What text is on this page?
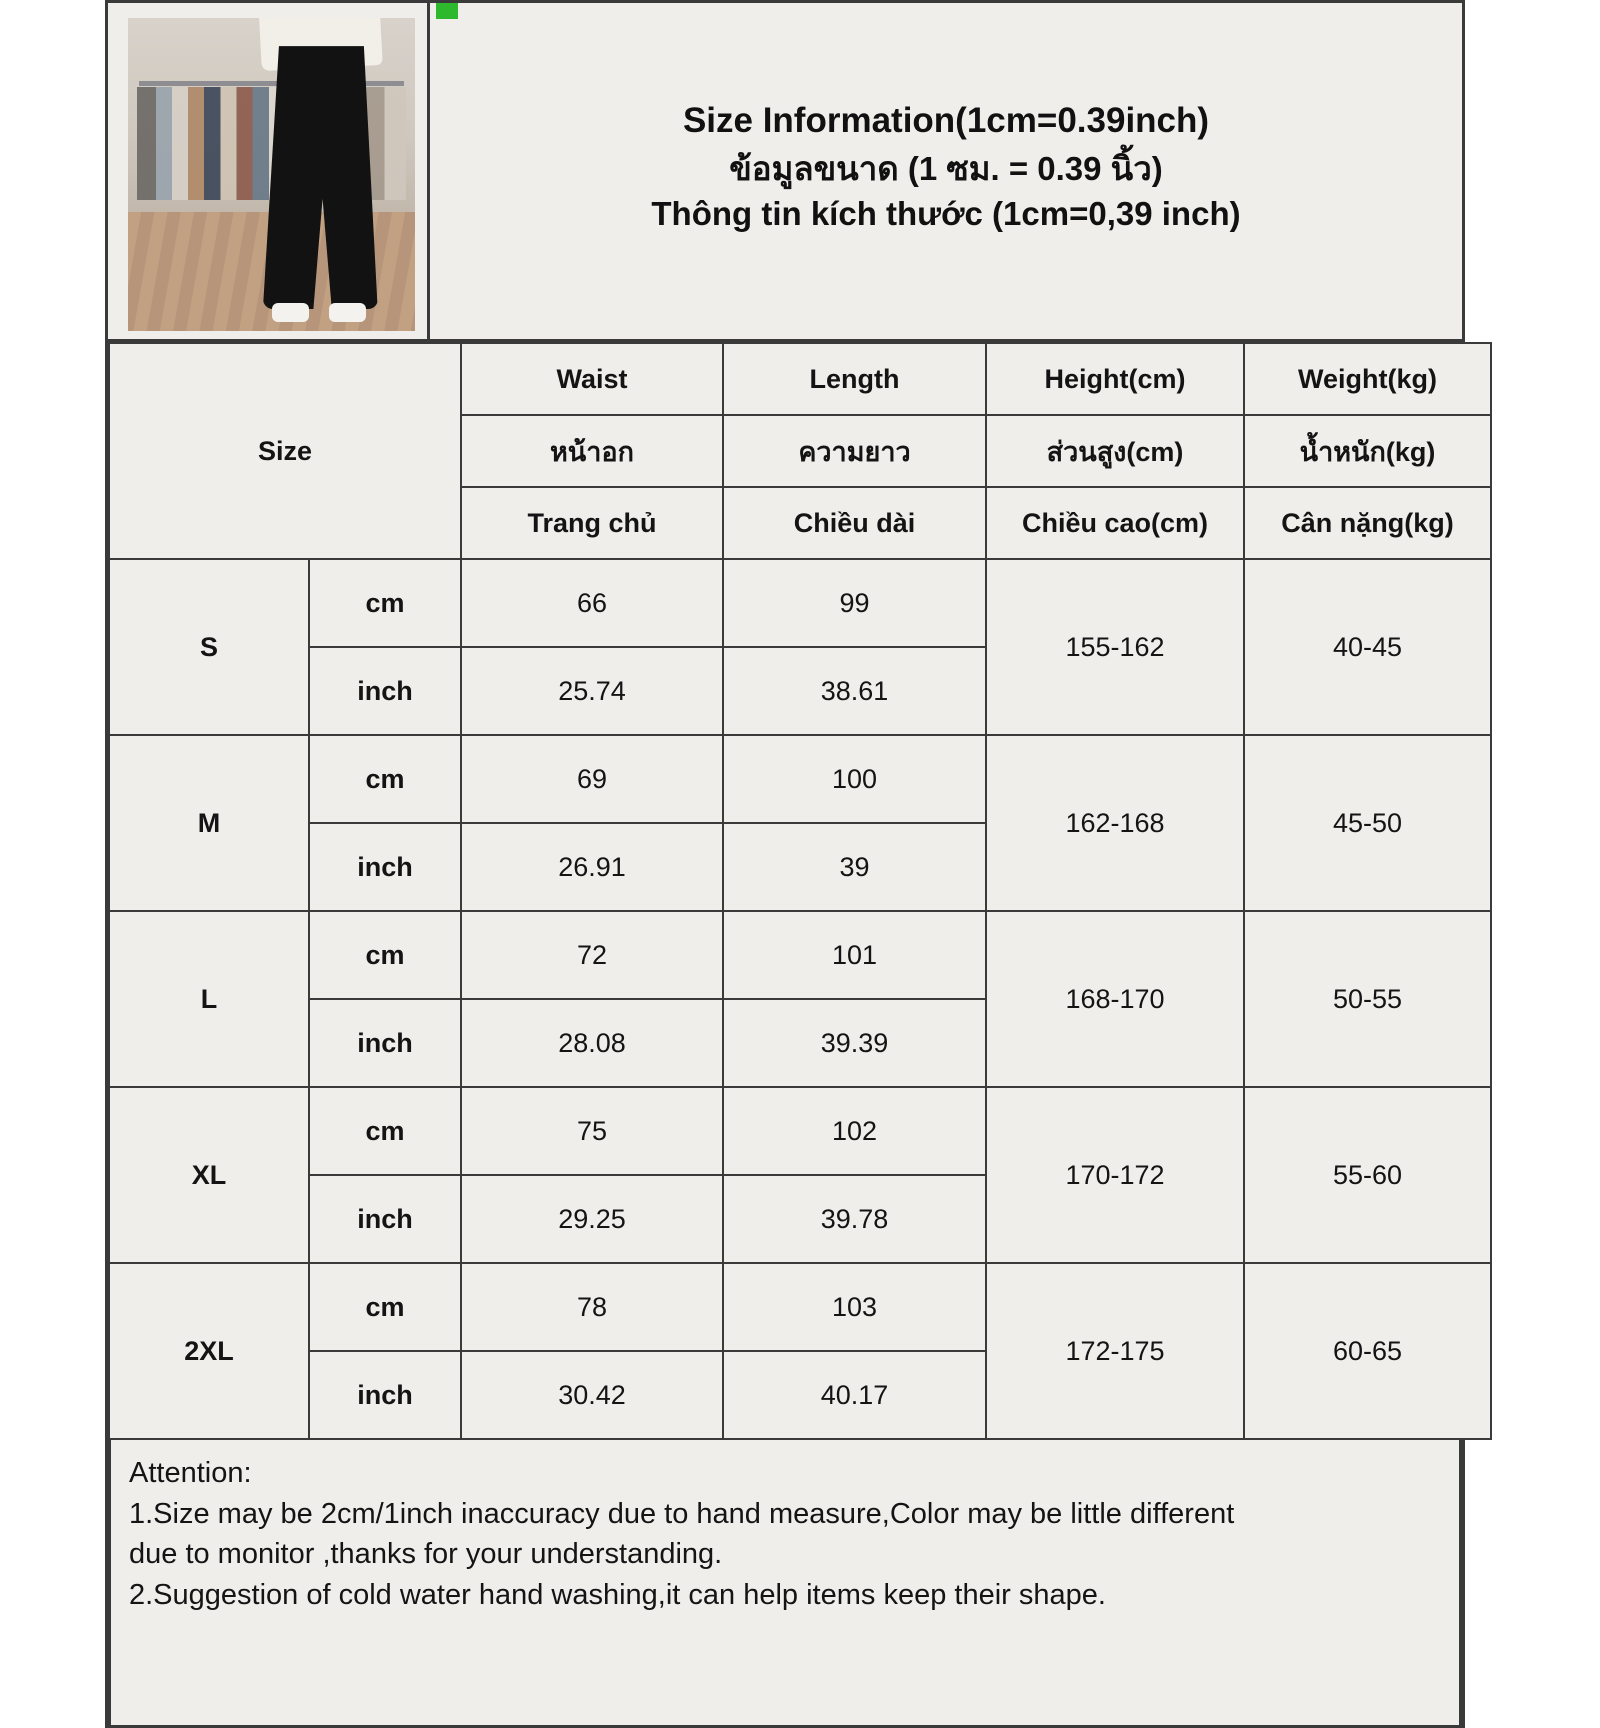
Size Information(1cm=0.39inch)
ข้อมูลขนาด (1 ซม. = 0.39 นิ้ว)
Thông tin kích thước (1cm=0,39 inch)
Size		Waist	Length	Height(cm)	Weight(kg)
		หน้าอก	ความยาว	ส่วนสูง(cm)	น้ำหนัก(kg)
		Trang chủ	Chiều dài	Chiều cao(cm)	Cân nặng(kg)
S	cm	66	99	155-162	40-45
	inch	25.74	38.61		
M	cm	69	100	162-168	45-50
	inch	26.91	39		
L	cm	72	101	168-170	50-55
	inch	28.08	39.39		
XL	cm	75	102	170-172	55-60
	inch	29.25	39.78		
2XL	cm	78	103	172-175	60-65
	inch	30.42	40.17		

Attention:

1.Size may be 2cm/1inch inaccuracy due to hand measure,Color may be little different

due to monitor ,thanks for your understanding.

2.Suggestion of cold water hand washing,it can help items keep their shape.
